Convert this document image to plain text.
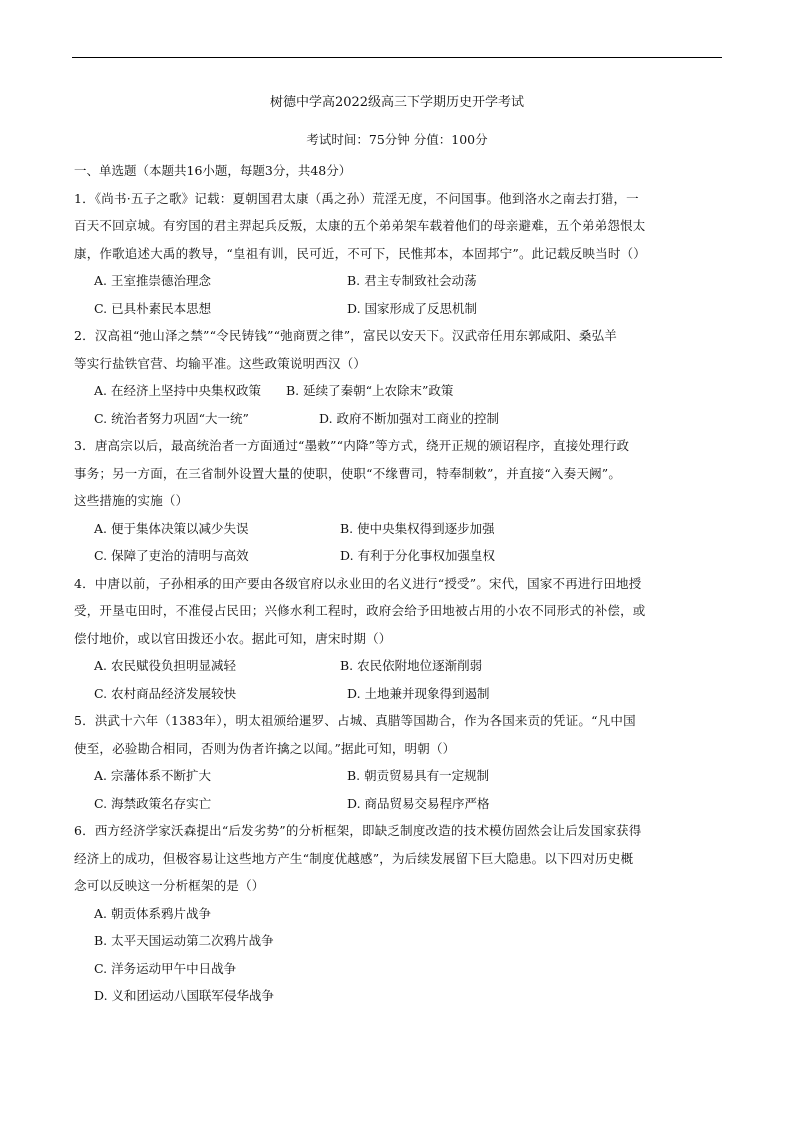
树德中学高2022级高三下学期历史开学考试
考试时间：75分钟 分值：100分
一、单选题（本题共16小题，每题3分，共48分）
1．《尚书·五子之歌》记载：夏朝国君太康（禹之孙）荒淫无度，不问国事。他到洛水之南去打猎，一
百天不回京城。有穷国的君主羿起兵反叛，太康的五个弟弟架车载着他们的母亲避难，五个弟弟怨恨太
康，作歌追述大禹的教导，“皇祖有训，民可近，不可下，民惟邦本，本固邦宁”。此记载反映当时（）
A. 王室推崇德治理念	B. 君主专制致社会动荡
C. 已具朴素民本思想	D. 国家形成了反思机制
2．汉高祖“弛山泽之禁”“令民铸钱”“弛商贾之律”，富民以安天下。汉武帝任用东郭咸阳、桑弘羊
等实行盐铁官营、均输平准。这些政策说明西汉（）
A. 在经济上坚持中央集权政策 B. 延续了秦朝“上农除末”政策
C. 统治者努力巩固“大一统”	D. 政府不断加强对工商业的控制
3．唐高宗以后，最高统治者一方面通过“墨敕”“内降”等方式，绕开正规的颁诏程序，直接处理行政
事务；另一方面，在三省制外设置大量的使职，使职“不缘曹司，特奉制敕”，并直接“入奏天阙”。
这些措施的实施（）
A. 便于集体决策以减少失误	B. 使中央集权得到逐步加强
C. 保障了吏治的清明与高效	D. 有利于分化事权加强皇权
4．中唐以前，子孙相承的田产要由各级官府以永业田的名义进行“授受”。宋代，国家不再进行田地授
受，开垦屯田时，不准侵占民田；兴修水利工程时，政府会给予田地被占用的小农不同形式的补偿，或
偿付地价，或以官田拨还小农。据此可知，唐宋时期（）
A. 农民赋役负担明显减轻	B. 农民依附地位逐渐削弱
C. 农村商品经济发展较快	D. 土地兼并现象得到遏制
5．洪武十六年（1383年），明太祖颁给暹罗、占城、真腊等国勘合，作为各国来贡的凭证。“凡中国
使至，必验勘合相同，否则为伪者许擒之以闻。”据此可知，明朝（）
A. 宗藩体系不断扩大	B. 朝贡贸易具有一定规制
C. 海禁政策名存实亡	D. 商品贸易交易程序严格
6．西方经济学家沃森提出“后发劣势”的分析框架，即缺乏制度改造的技术模仿固然会让后发国家获得
经济上的成功，但极容易让这些地方产生“制度优越感”，为后续发展留下巨大隐患。以下四对历史概
念可以反映这一分析框架的是（）
A. 朝贡体系鸦片战争
B. 太平天国运动第二次鸦片战争
C. 洋务运动甲午中日战争
D. 义和团运动八国联军侵华战争
